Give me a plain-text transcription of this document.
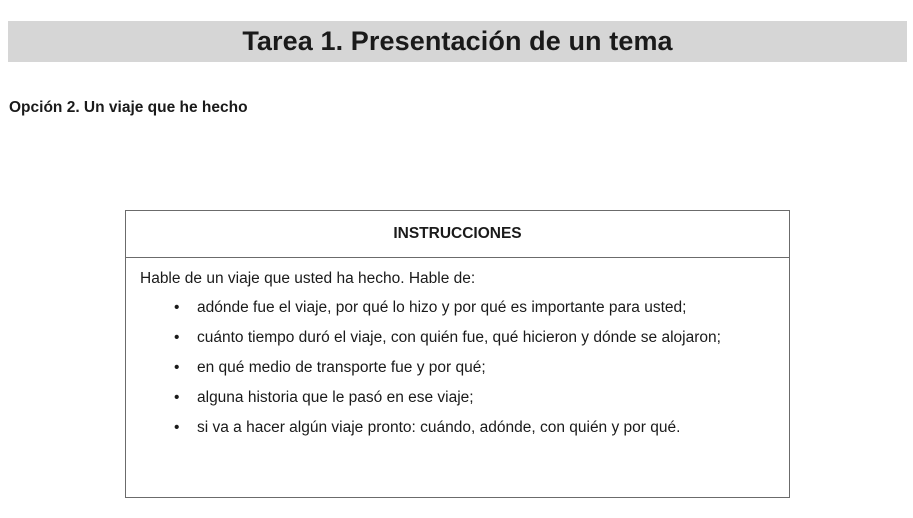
Tarea 1. Presentación de un tema

Opción 2. Un viaje que he hecho

INSTRUCCIONES

Hable de un viaje que usted ha hecho. Hable de:

• adónde fue el viaje, por qué lo hizo y por qué es importante para usted;
• cuánto tiempo duró el viaje, con quién fue, qué hicieron y dónde se alojaron;
• en qué medio de transporte fue y por qué;
• alguna historia que le pasó en ese viaje;
• si va a hacer algún viaje pronto: cuándo, adónde, con quién y por qué.
